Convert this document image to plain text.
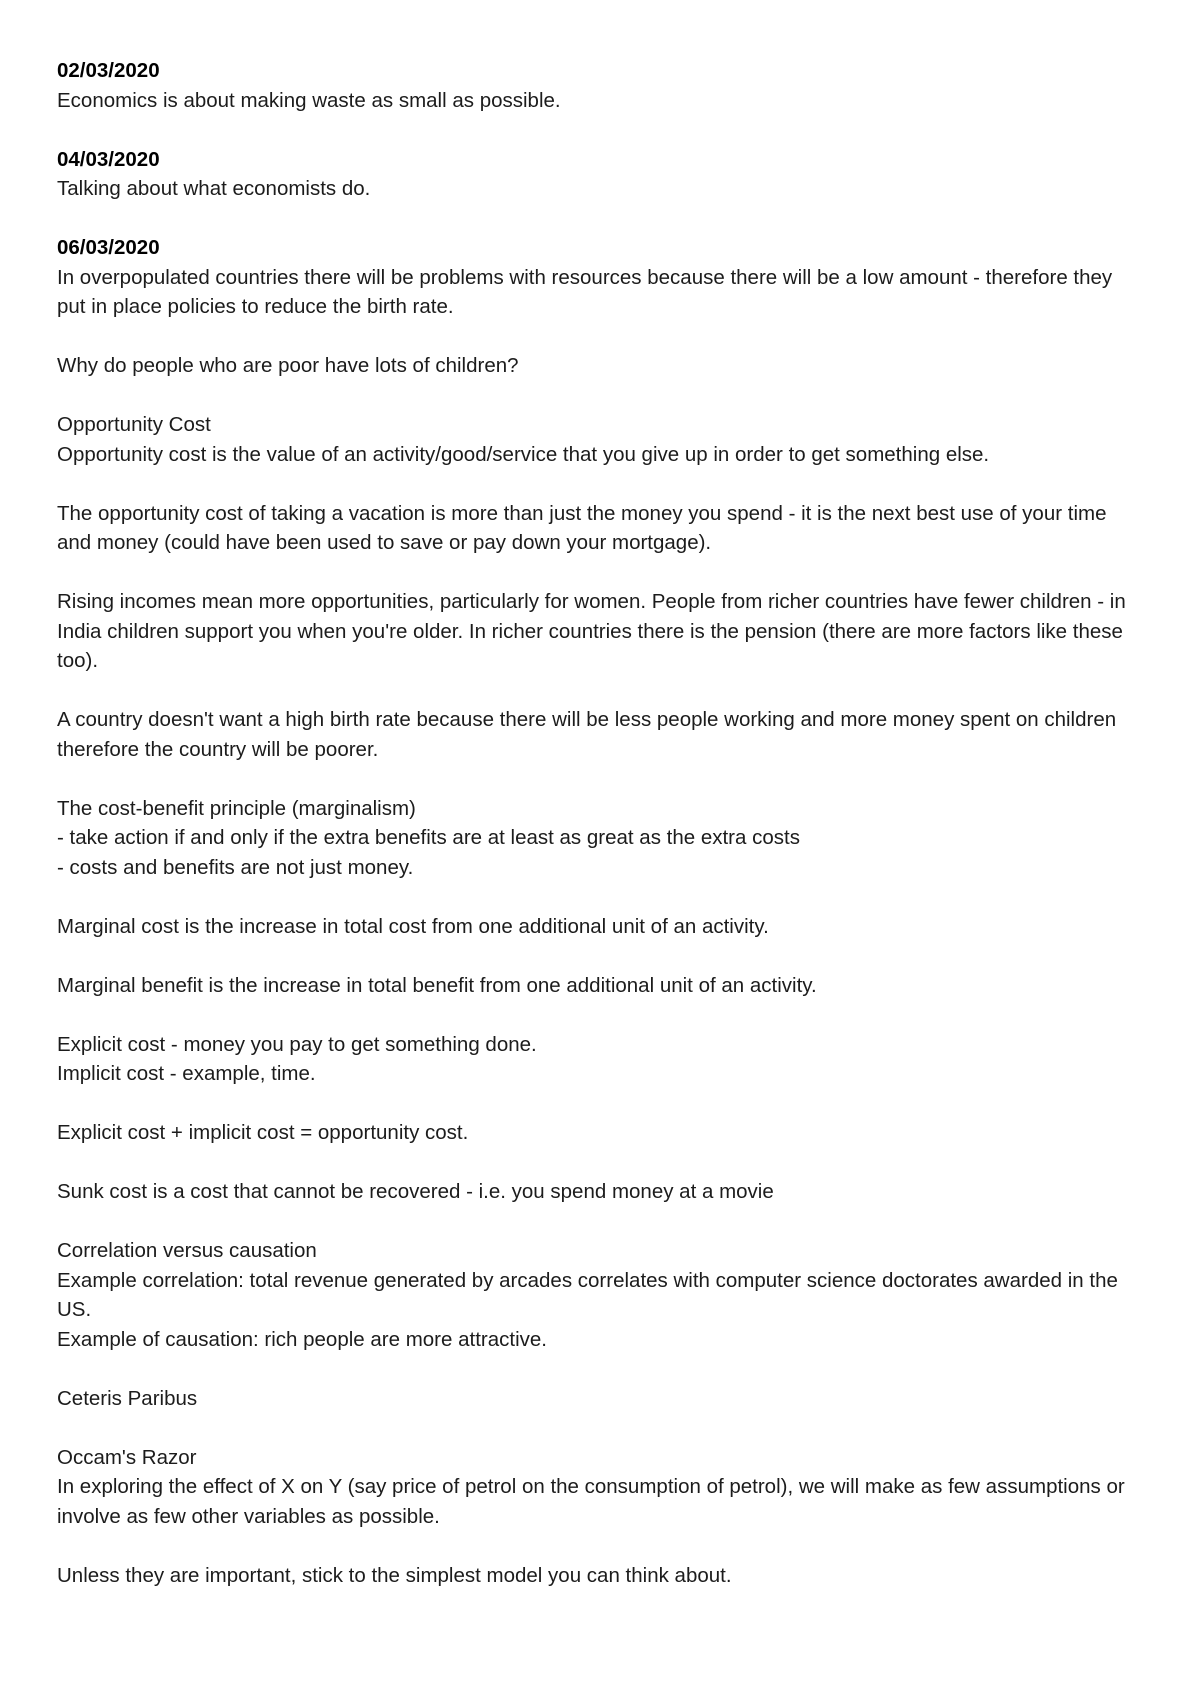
02/03/2020

Economics is about making waste as small as possible.

04/03/2020

Talking about what economists do.

06/03/2020

In overpopulated countries there will be problems with resources because there will be a low amount - therefore they put in place policies to reduce the birth rate.

Why do people who are poor have lots of children?

Opportunity Cost

Opportunity cost is the value of an activity/good/service that you give up in order to get something else.

The opportunity cost of taking a vacation is more than just the money you spend - it is the next best use of your time and money (could have been used to save or pay down your mortgage).

Rising incomes mean more opportunities, particularly for women. People from richer countries have fewer children - in India children support you when you're older. In richer countries there is the pension (there are more factors like these too).

A country doesn't want a high birth rate because there will be less people working and more money spent on children therefore the country will be poorer.

The cost-benefit principle (marginalism)

- take action if and only if the extra benefits are at least as great as the extra costs

- costs and benefits are not just money.

Marginal cost is the increase in total cost from one additional unit of an activity.

Marginal benefit is the increase in total benefit from one additional unit of an activity.

Explicit cost - money you pay to get something done.

Implicit cost - example, time.

Explicit cost + implicit cost = opportunity cost.

Sunk cost is a cost that cannot be recovered - i.e. you spend money at a movie

Correlation versus causation

Example correlation: total revenue generated by arcades correlates with computer science doctorates awarded in the US.

Example of causation: rich people are more attractive.

Ceteris Paribus

Occam's Razor

In exploring the effect of X on Y (say price of petrol on the consumption of petrol), we will make as few assumptions or involve as few other variables as possible.

Unless they are important, stick to the simplest model you can think about.
